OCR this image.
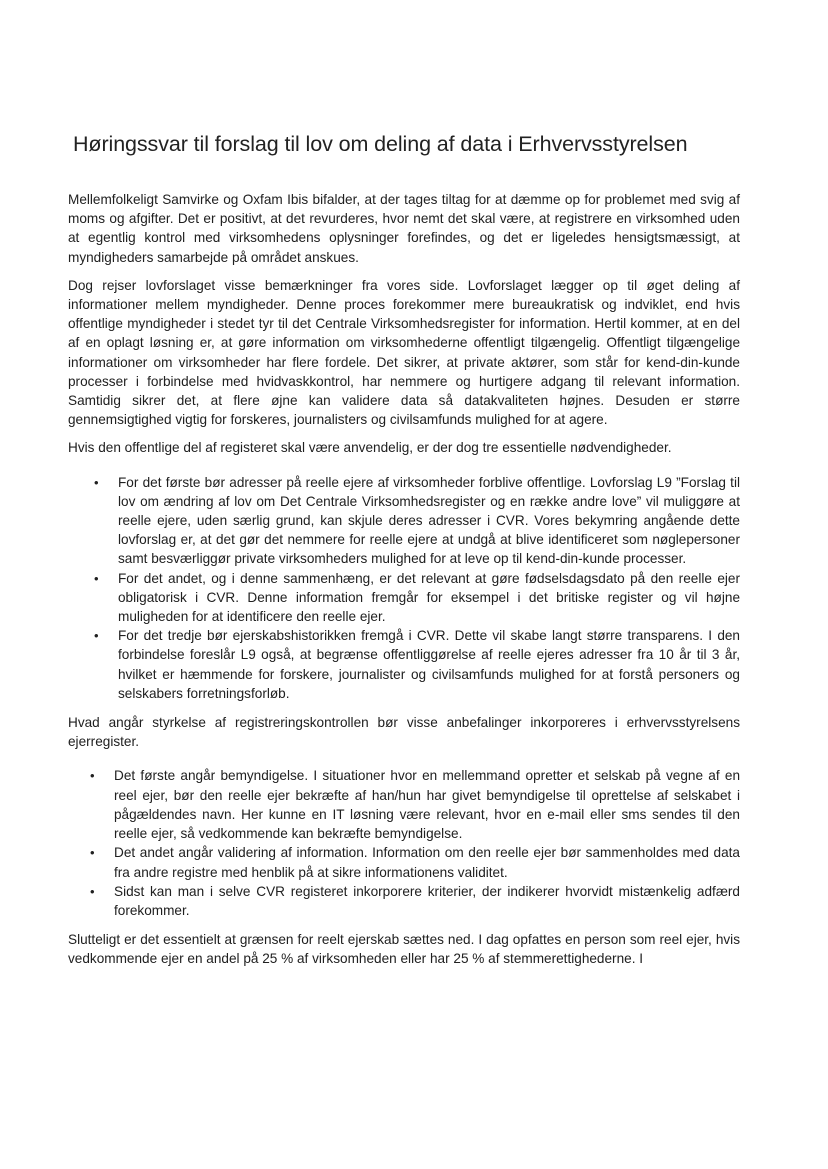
Høringssvar til forslag til lov om deling af data i Erhvervsstyrelsen

Mellemfolkeligt Samvirke og Oxfam Ibis bifalder, at der tages tiltag for at dæmme op for problemet med svig af moms og afgifter. Det er positivt, at det revurderes, hvor nemt det skal være, at registrere en virksomhed uden at egentlig kontrol med virksomhedens oplysninger forefindes, og det er ligeledes hensigtsmæssigt, at myndigheders samarbejde på området anskues.

Dog rejser lovforslaget visse bemærkninger fra vores side. Lovforslaget lægger op til øget deling af informationer mellem myndigheder. Denne proces forekommer mere bureaukratisk og indviklet, end hvis offentlige myndigheder i stedet tyr til det Centrale Virksomhedsregister for information. Hertil kommer, at en del af en oplagt løsning er, at gøre information om virksomhederne offentligt tilgængelig. Offentligt tilgængelige informationer om virksomheder har flere fordele. Det sikrer, at private aktører, som står for kend-din-kunde processer i forbindelse med hvidvaskkontrol, har nemmere og hurtigere adgang til relevant information. Samtidig sikrer det, at flere øjne kan validere data så datakvaliteten højnes. Desuden er større gennemsigtighed vigtig for forskeres, journalisters og civilsamfunds mulighed for at agere.

Hvis den offentlige del af registeret skal være anvendelig, er der dog tre essentielle nødvendigheder.

• For det første bør adresser på reelle ejere af virksomheder forblive offentlige. Lovforslag L9 ”Forslag til lov om ændring af lov om Det Centrale Virksomhedsregister og en række andre love” vil muliggøre at reelle ejere, uden særlig grund, kan skjule deres adresser i CVR. Vores bekymring angående dette lovforslag er, at det gør det nemmere for reelle ejere at undgå at blive identificeret som nøglepersoner samt besværliggør private virksomheders mulighed for at leve op til kend-din-kunde processer.
• For det andet, og i denne sammenhæng, er det relevant at gøre fødselsdagsdato på den reelle ejer obligatorisk i CVR. Denne information fremgår for eksempel i det britiske register og vil højne muligheden for at identificere den reelle ejer.
• For det tredje bør ejerskabshistorikken fremgå i CVR. Dette vil skabe langt større transparens. I den forbindelse foreslår L9 også, at begrænse offentliggørelse af reelle ejeres adresser fra 10 år til 3 år, hvilket er hæmmende for forskere, journalister og civilsamfunds mulighed for at forstå personers og selskabers forretningsforløb.

Hvad angår styrkelse af registreringskontrollen bør visse anbefalinger inkorporeres i erhvervsstyrelsens ejerregister.

• Det første angår bemyndigelse. I situationer hvor en mellemmand opretter et selskab på vegne af en reel ejer, bør den reelle ejer bekræfte af han/hun har givet bemyndigelse til oprettelse af selskabet i pågældendes navn. Her kunne en IT løsning være relevant, hvor en e-mail eller sms sendes til den reelle ejer, så vedkommende kan bekræfte bemyndigelse.
• Det andet angår validering af information. Information om den reelle ejer bør sammenholdes med data fra andre registre med henblik på at sikre informationens validitet.
• Sidst kan man i selve CVR registeret inkorporere kriterier, der indikerer hvorvidt mistænkelig adfærd forekommer.

Slutteligt er det essentielt at grænsen for reelt ejerskab sættes ned. I dag opfattes en person som reel ejer, hvis vedkommende ejer en andel på 25 % af virksomheden eller har 25 % af stemmerettighederne. I
